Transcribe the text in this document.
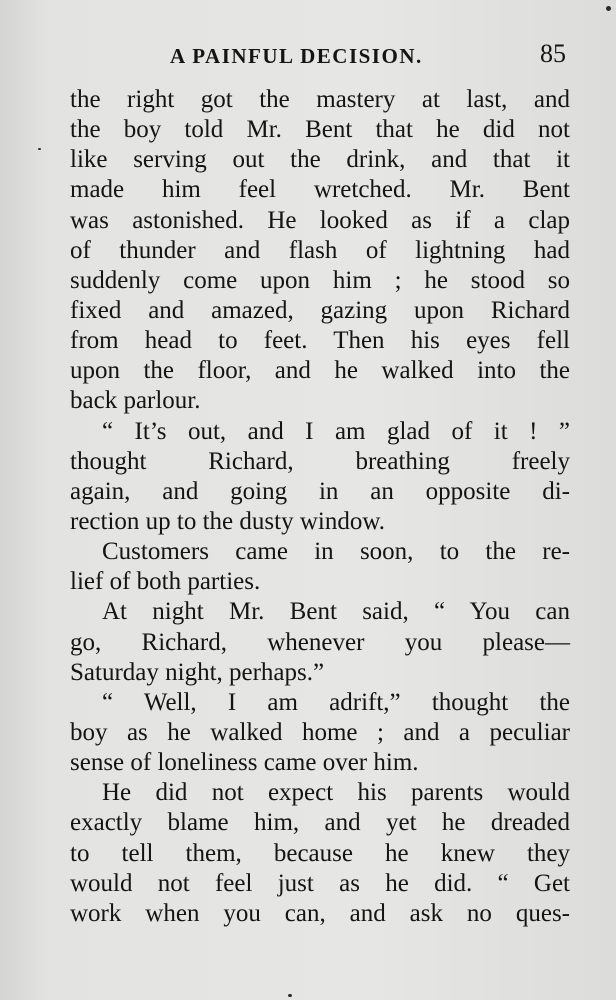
A PAINFUL DECISION.	85
the right got the mastery at last, and
the boy told Mr. Bent that he did not
like serving out the drink, and that it
made him feel wretched. Mr. Bent
was astonished. He looked as if a clap
of thunder and flash of lightning had
suddenly come upon him ; he stood so
fixed and amazed, gazing upon Richard
from head to feet. Then his eyes fell
upon the floor, and he walked into the
back parlour.
“ It’s out, and I am glad of it ! ”
thought Richard, breathing freely
again, and going in an opposite di-
rection up to the dusty window.
Customers came in soon, to the re-
lief of both parties.
At night Mr. Bent said, “ You can
go, Richard, whenever you please—
Saturday night, perhaps.”
“ Well, I am adrift,” thought the
boy as he walked home ; and a peculiar
sense of loneliness came over him.
He did not expect his parents would
exactly blame him, and yet he dreaded
to tell them, because he knew they
would not feel just as he did. “ Get
work when you can, and ask no ques-
